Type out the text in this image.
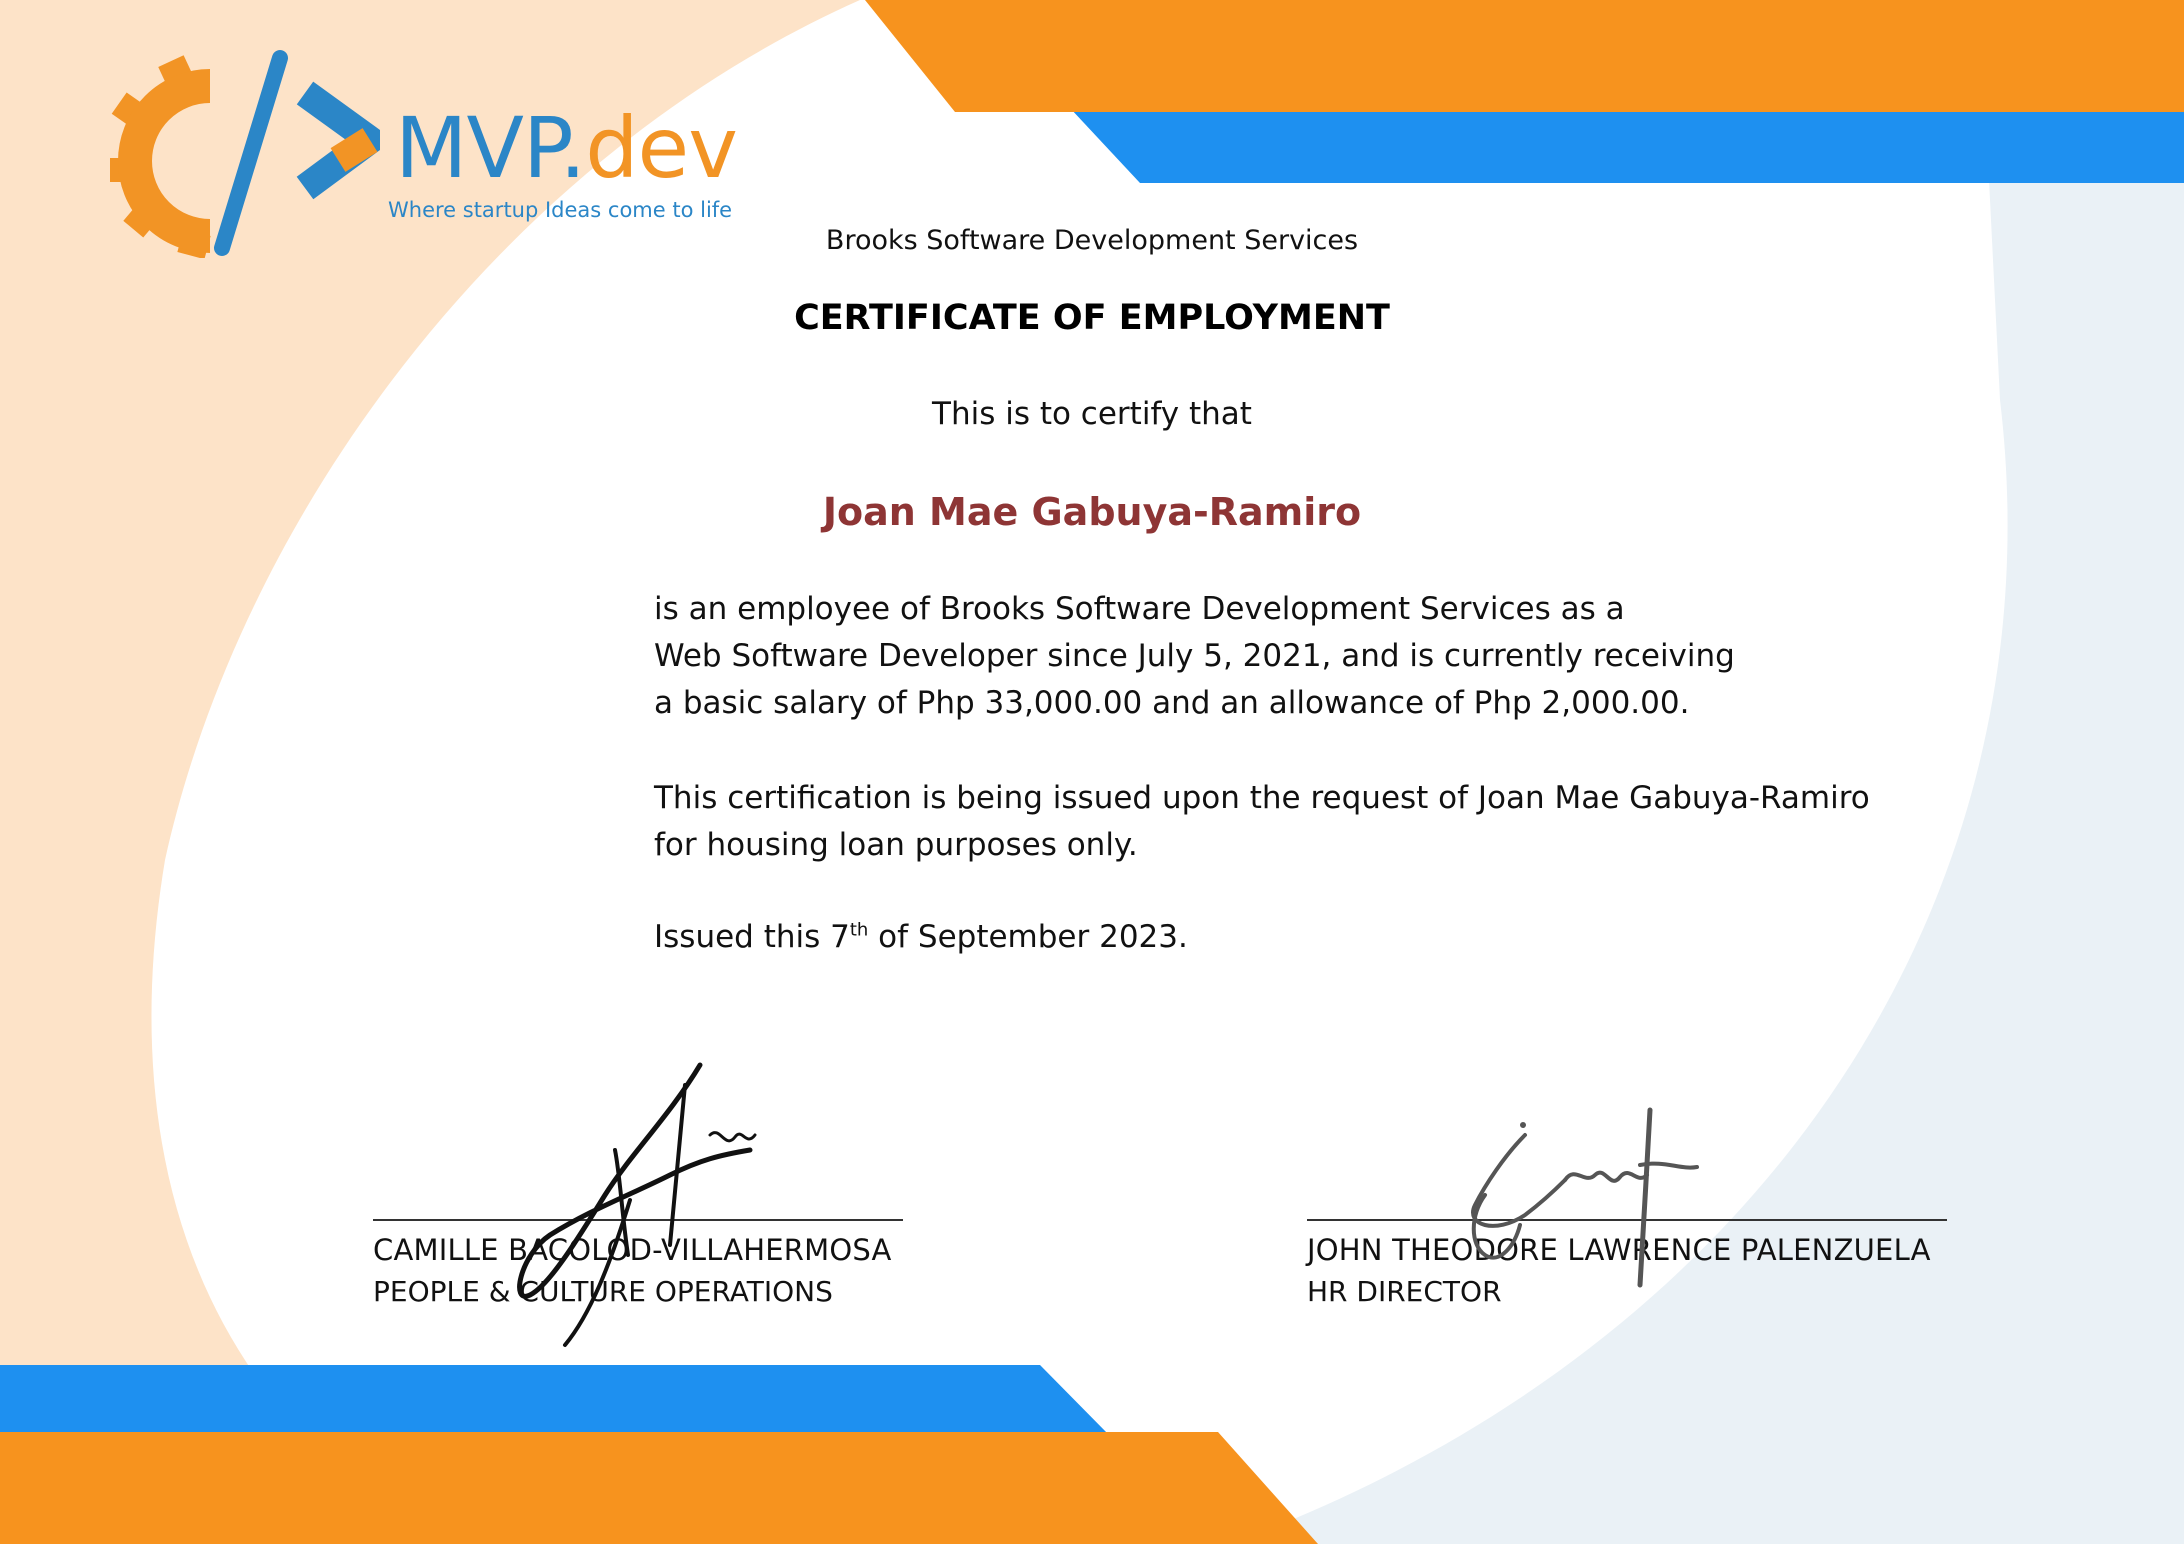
MVP.dev
Where startup Ideas come to life
Brooks Software Development Services
CERTIFICATE OF EMPLOYMENT
This is to certify that
Joan Mae Gabuya-Ramiro
is an employee of Brooks Software Development Services as a
Web Software Developer since July 5, 2021, and is currently receiving
a basic salary of Php 33,000.00 and an allowance of Php 2,000.00.
This certification is being issued upon the request of Joan Mae Gabuya-Ramiro
for housing loan purposes only.
Issued this 7th of September 2023.
CAMILLE BACOLOD-VILLAHERMOSA
PEOPLE & CULTURE OPERATIONS
JOHN THEODORE LAWRENCE PALENZUELA
HR DIRECTOR
